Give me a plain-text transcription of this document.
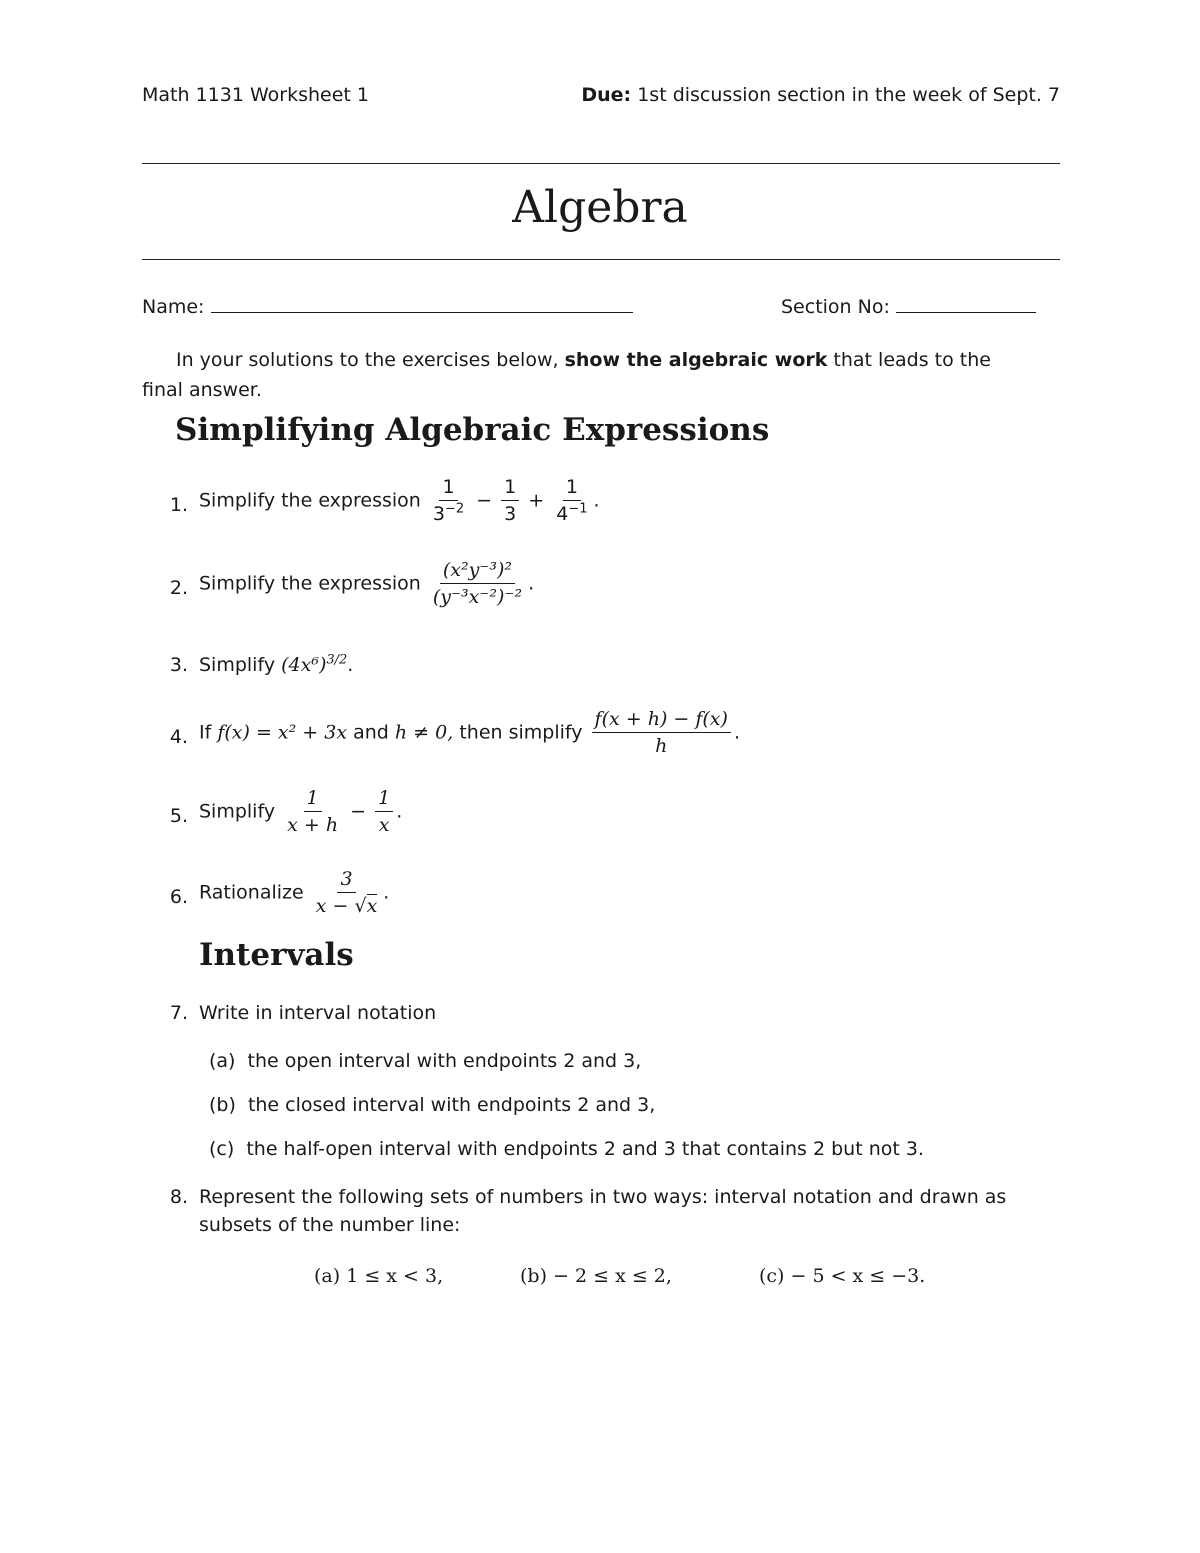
Math 1131 Worksheet 1	Due: 1st discussion section in the week of Sept. 7
Algebra
Name:	Section No:
In your solutions to the exercises below, show the algebraic work that leads to the
final answer.
Simplifying Algebraic Expressions
1. Simplify the expression $\frac{1}{3^{-2}} - \frac{1}{3} + \frac{1}{4^{-1}}$ .
2. Simplify the expression $\frac{\text{(x²y⁻³)²}}{\text{(y⁻³x⁻²)⁻²}}$ .
3. Simplify $(4x^6)^{3/2}$.
4. If f(x) = x² + 3x and h ≠ 0, then simplify $\frac{f(x + h) - f(x)}{h}$ .
5. Simplify $\frac{1}{x + h} - \frac{1}{x}$ .
6. Rationalize $\frac{3}{x - √x}$ .
Intervals
7. Write in interval notation
(a) the open interval with endpoints 2 and 3,
(b) the closed interval with endpoints 2 and 3,
(c) the half-open interval with endpoints 2 and 3 that contains 2 but not 3.
8. Represent the following sets of numbers in two ways: interval notation and drawn as
subsets of the number line:
(a) 1 ≤ x < 3,	(b) − 2 ≤ x ≤ 2,	(c) − 5 < x ≤ −3.
